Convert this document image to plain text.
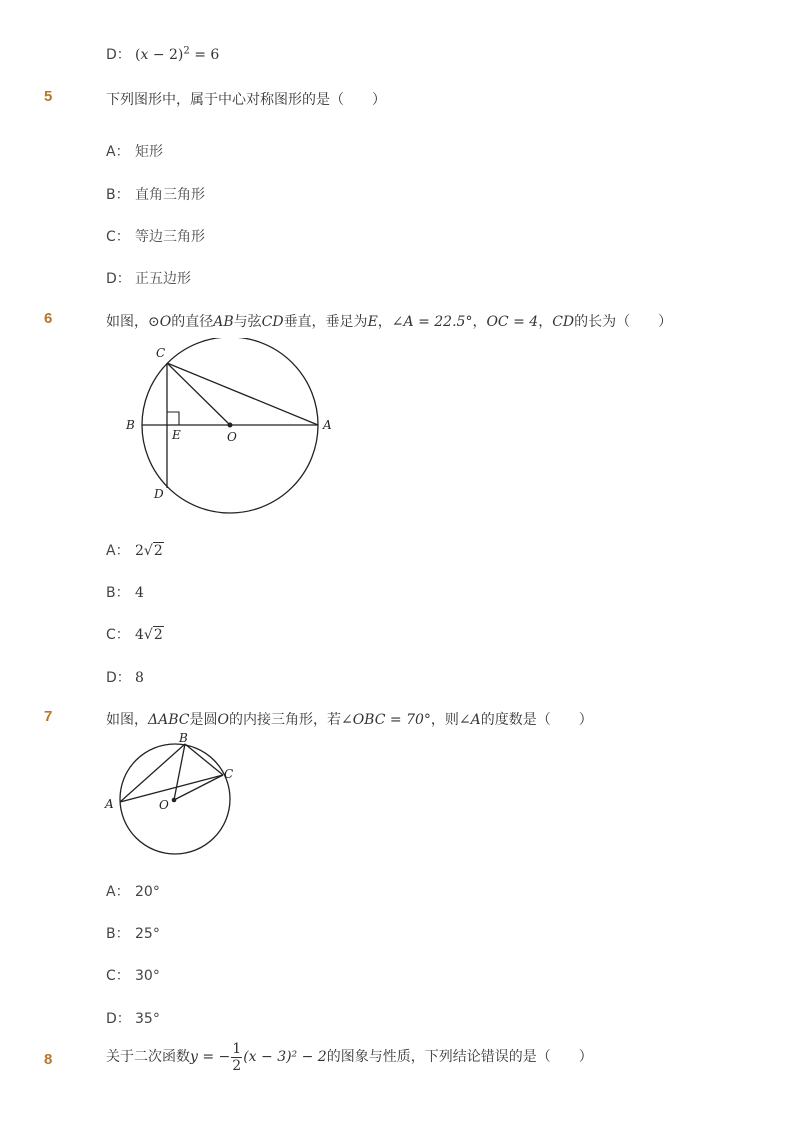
D： $(x - 2)^2 = 6$
5	下列图形中，属于中心对称图形的是（　　）
A： 矩形
B： 直角三角形
C： 等边三角形
D： 正五边形
6	如图，⊙O的直径AB与弦CD垂直，垂足为E，∠A = 22.5°，OC = 4，CD的长为（　　）
C
B
E	O
A
D
A： 2√2
B： 4
C： 4√2
D： 8
7	如图，ΔABC是圆O的内接三角形，若∠OBC = 70°，则∠A的度数是（　　）
B
C
A	O
A： 20°
B： 25°
C： 30°
D： 35°
8	关于二次函数y = − $\frac{1}{2} (x - 3)^2 - 2$的图象与性质，下列结论错误的是（　　）
